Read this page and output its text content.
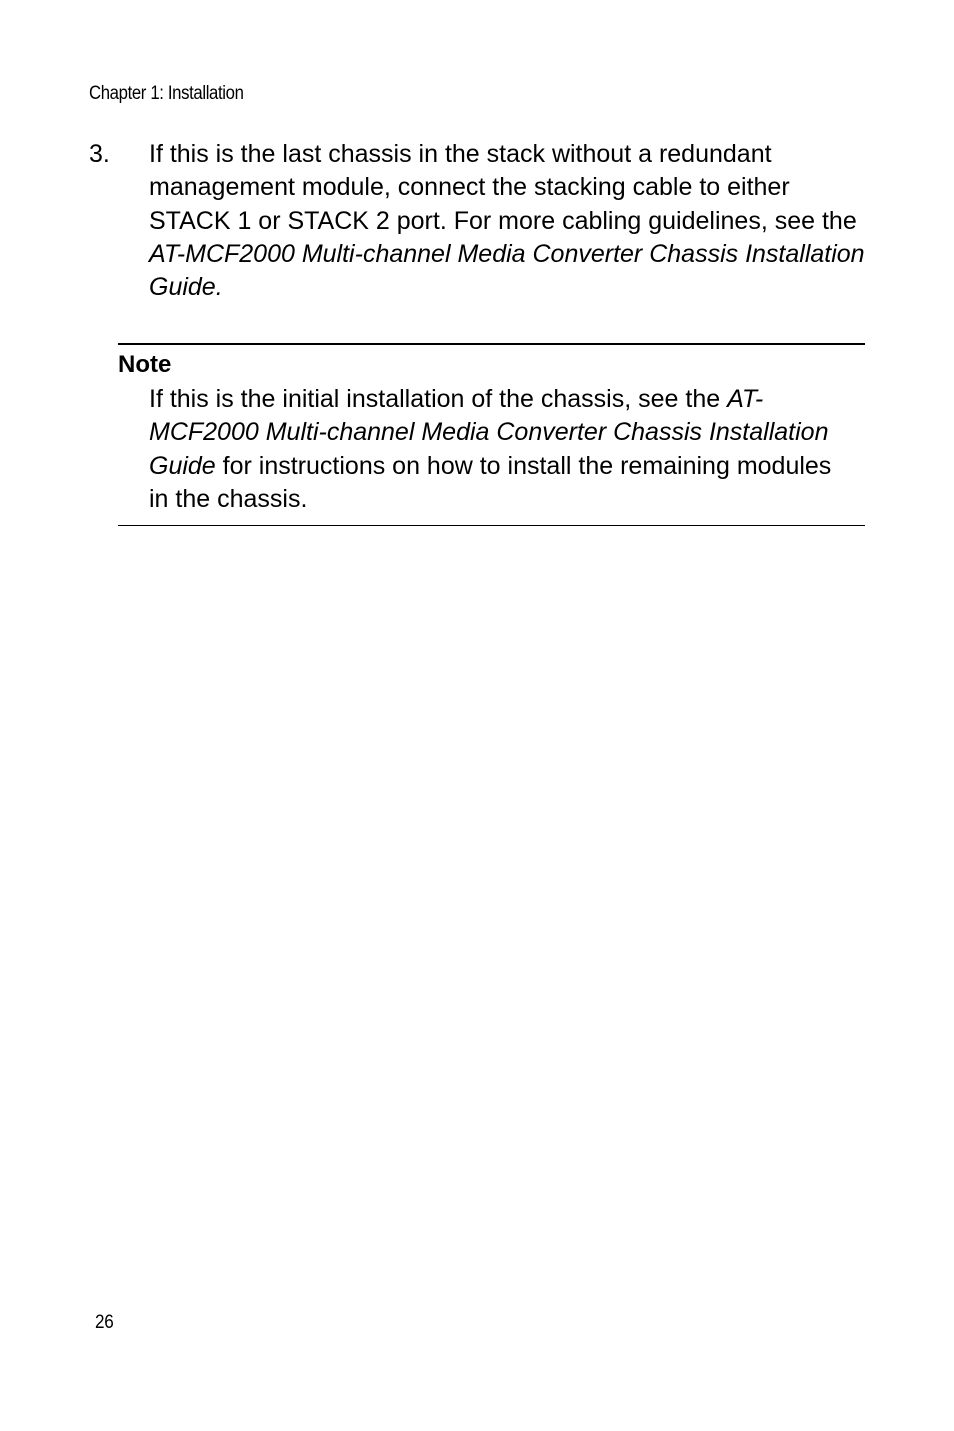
Chapter 1: Installation
3. If this is the last chassis in the stack without a redundant management module, connect the stacking cable to either STACK 1 or STACK 2 port. For more cabling guidelines, see the AT-MCF2000 Multi-channel Media Converter Chassis Installation Guide.
Note
If this is the initial installation of the chassis, see the AT-MCF2000 Multi-channel Media Converter Chassis Installation Guide for instructions on how to install the remaining modules in the chassis.
26
